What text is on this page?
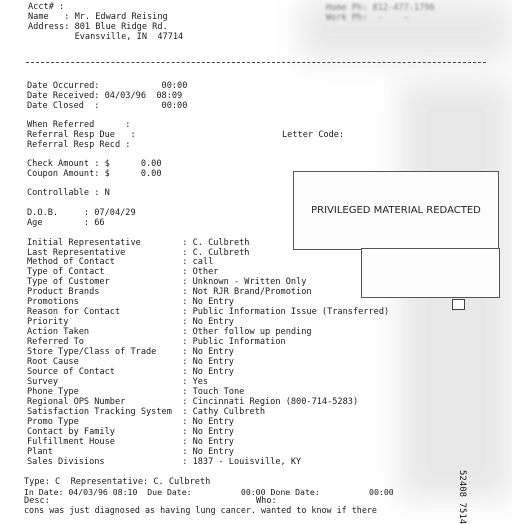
Acct# :
Name   : Mr. Edward Reising
Address: 801 Blue Ridge Rd.
Evansville, IN  47714
Home Ph: 812-477-1796
Work Ph:  -    -
Date Occurred:            00:00
Date Received: 04/03/96  08:09
Date Closed  :            00:00
When Referred      :
Referral Resp Due   :
Referral Resp Recd :
Letter Code:
Check Amount : $      0.00
Coupon Amount: $      0.00
Controllable : N
D.O.B.     : 07/04/29
Age        : 66
PRIVILEGED MATERIAL REDACTED
Initial Representative        : C. Culbreth
Last Representative           : C. Culbreth
Method of Contact             : call
Type of Contact               : Other
Type of Customer              : Unknown - Written Only
Product Brands                : Not RJR Brand/Promotion
Promotions                    : No Entry
Reason for Contact            : Public Information Issue (Transferred)
Priority                      : No Entry
Action Taken                  : Other follow up pending
Referred To                   : Public Information
Store Type/Class of Trade     : No Entry
Root Cause                    : No Entry
Source of Contact             : No Entry
Survey                        : Yes
Phone Type                    : Touch Tone
Regional OPS Number           : Cincinnati Region (800-714-5283)
Satisfaction Tracking System  : Cathy Culbreth
Promo Type                    : No Entry
Contact by Family             : No Entry
Fulfillment House             : No Entry
Plant                         : No Entry
Sales Divisions               : 1837 - Louisville, KY
Type: C  Representative: C. Culbreth
In Date: 04/03/96 08:10  Due Date:          00:00 Done Date:          00:00
Desc:	Who:
cons was just diagnosed as having lung cancer. wanted to know if there	52408 7514
